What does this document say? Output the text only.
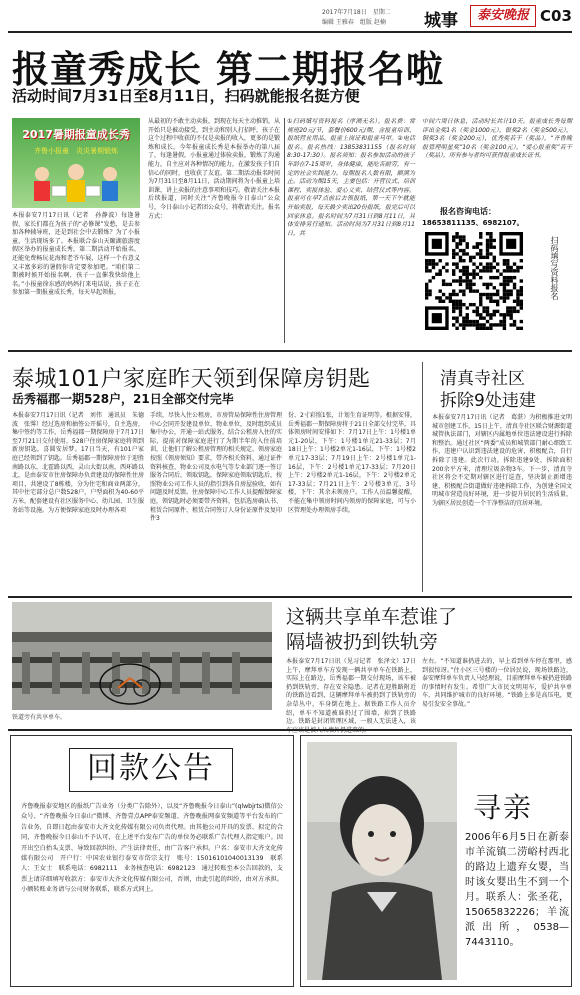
2017年7月18日　星期二
编辑 王雅春　组版 赵楠	城事	泰安晚报 C03
报童秀成长 第二期报名啦
活动时间7月31日至8月11日，扫码就能报名挺方便
2017暑期报童成长秀
齐鲁小报童　炎炎暑期锻炼
本报泰安7月17日讯（记者　孙静波）每逢暑假，家长们都在为孩子的“必修课”发愁，是去参加各种辅导班，还是到社会中去锻炼？为了小报童，生活现场多了。本报联合泰山天颐湖旅游度假区举办的报童成长秀，第二期活动开始报名，还能免费畅玩花海和老爷车展，这样一个有意义又丰富多彩的暑假你肯定要参加吧。“咱们第二期被时候开始报名啊，孩子一直催我快给他上名。”小报童徐东感的妈妈打来电话说，孩子正在参加第一期报童成长秀，每天早起领报，
从最初的不敢主动卖报，到现在每天主动推销，从开始只是被动接受，到主动和别人打招呼，孩子在这个过程中收获的不仅是卖报的收入，更多的是锻炼和成长。今年报童成长秀是本报举办的第八届了，每逢暑假，小报童通过体验卖报，锻炼了沟通能力，自主应对各种情况的能力，在激发孩子们自信心的同时，也收获了友谊。第二期活动报名时间为7月31日至8月11日，活动期间将为小报童上培训课，讲上卖报的注意事项和技巧。敬请关注本报后续报道，同时关注“齐鲁晚报今日泰山”公众号，今日泰山小记者团公众号，将敬请关注。报名方式：
①扫码填写资料报名（序测无名）。报名费：常规班20元/节，套餐价600元/期，含报童培训、报纸营业用品、报童上岗证和报童马甲。②电话报名。报名热线：13853831155（报名时间8:30-17:30）。报名须知：报名参加活动的孩子年龄在7-15周岁，身体健康，能吃苦耐劳，有一定的社会实践能力。每期报名人数有限，额满为止。活动为期15天，主要包括：开营仪式、培训课程、卖报体验、爱心义卖、结营仪式等内容。报童可在早7点前后去领报纸，第一天下午就能开始卖报，每天最少卖出20份报纸，报完后可以回家休息。报名时间为7月31日到8月11日，具体安排另行通知。活动时间为7月31日到8月11日，共
中间六周日休息，活动时长共计10天。报童成长秀每期评出金奖1名（奖金1000元），银奖2名（奖金500元），铜奖3名（奖金200元），优秀奖若干（奖品），“齐鲁晚报管理明星奖”10名（奖金100元），“爱心报童奖”若干（奖品），所有参与者均可获得报童成长证书。
报名咨询电话：
18653811135、6982107。
扫码填写资料报名
泰城101户家庭昨天领到保障房钥匙
岳秀福郡一期528户，21日全部交付完毕
本报泰安7月17日讯（记者　刘伟　通讯员　朱德波　张霁）经过选房和抽签公开摇号，自主选房，集中签约等工作，岳秀福郡一期保障房于7月17日至7月21日交付使用，528户住房保障家庭将领到新房钥匙，喜圆安居梦。17日当天，有101户家庭已经领到了钥匙。岳秀福郡一期保障房位于迎胜南路以东，北霍路以西，灵山大街以南，西环路以北，是由泰安市住房保障办负责建设的保障性住房项目，共建设了8栋楼，分为住宅和商业两部分，其中住宅部分总户数528户，户型面积为40-60平方米，配套建设有社区服务中心、幼儿园、卫生服务站等设施。为方便保障家庭及时办理各项
手续，尽快入住公租房，市房管局保障性住房管理中心会同开发建设单位、物业单位，及时组织成员集中办公，开通一站式服务，结合公租房入住的实际，提前对保障家庭进行了为期半年的入住前培训，让他们了解公租房管理的相关规定。领房家庭按照《领房须知》要求，带齐相关资料，通过证件资料核查、物业公司及水电气等专业部门逐一签订服务合同后，领取钥匙，保障家庭领取钥匙后，按照物业公司工作人员的指引到各自房屋验收，如有问题及时反馈。住房保障中心工作人员提醒保障家庭，领钥匙时必须要带齐资料，包括选房确认书、租赁合同原件、租赁合同签订人身份证原件及复印件3
份、2寸彩照1张，计划生育证明等。根据安排，岳秀福郡一期保障房将于21日全部交付完毕，具体领房时间安排如下：7月17日上午：1号楼1单元1-20层，下午：1号楼1单元21-33层；7月18日上午：1号楼2单元1-16层，下午：1号楼2单元17-33层；7月19日上午：2号楼1单元1-16层，下午：2号楼1单元17-33层；7月20日上午：2号楼2单元1-16层，下午：2号楼2单元17-33层；7月21日上午：2号楼3单元、3号楼，下午：其余未领房户。工作人员温馨提醒，不能在集中领房时间内领房的保障家庭，可与小区管理处办理领房手续。
清真寺社区
拆除9处违建
本报泰安7月17日讯（记者　葛湛）为积极推进文明城市创建工作，15日上午，清真寺社区联合财源街道城管执法部门，对辖区内属地单位违法建设进行拆除和整治。通过社区“两委”成员和城管部门耐心细致工作，违建户认识到违法建设的危害，积极配合，自行拆除了违建。此次行动，拆除违建9处，拆除面积200余平方米，清理垃圾杂物3车。下一步，清真寺社区将会不定期对辖区进行巡查，坚决制止新增违建，积极配合街道做好违建拆除工作，为创建全国文明城市营造良好环境，进一步提升居民的生活质量，为辖区居民创造一个干净整洁的宜居环境。
铁道旁有共享单车。
这辆共享单车惹谁了
隔墙被扔到铁轨旁
本报泰安7月17日讯（见习记者　张泽文）17日上午，摩拜单车方发现一辆共享单车在铁路上，实际上在路边，岳秀福郡一期交付现场，该车被扔到铁轨旁，存在安全隐患。记者在迎胜路附近的铁路边看到，这辆摩拜单车被扔到了铁轨旁的杂草丛中，车身倒在地上。据铁路工作人员介绍，单车不知道被谁扔过了围墙，掉到了铁路边。铁路是封闭管理区域，一般人无法进入，该
左右。“不知道谁扔进去的，早上看到单车停在那里，感到很惊讶。”住小区三号楼的一位居民说，现场铁路边，泰安摩拜单车负责人马经理说，目前摩拜单车被扔进铁路的事情时有发生。希望广大市民文明用车，爱护共享单车，共同维护城市的良好环境。“铁路上多是高压电，更易引发安全事故。”
回款公告
齐鲁晚报泰安地区的报纸广告业务（分类广告除外），以及“齐鲁晚报今日泰山”(qlwbjrts)微信公众号、“齐鲁晚报今日泰山”微博、齐鲁壹点APP泰安频道、齐鲁晚报网泰安频道等平台发布的广告业务，自即日起由泰安市大齐文化传媒有限公司负责代理。由其他公司开具的发票、拟定的合同，齐鲁晚报今日泰山不予认可，在上述平台发布广告的单位务必联系广告代理人指定账户。因开出空白抬头支票、导致回款纠纷、产生法律责任，由广告客户承担。户名：泰安市大齐文化传媒有限公司　开户行：中国农业银行泰安市岱宗支行　账号：15016101040013139　联系人：王女士　联系电话：6982111　业务核查电话：6982123　通过转账至本公告回款的，支票上请详细填写收款方：泰安市大齐文化传媒有限公司，否则，由此引起的纠纷，由对方承担。小额转账业务请与公司财务联系，联系方式同上。
寻亲
2006年6月5日在新泰市羊流镇二涝峪村西北的路边上遗弃女婴，当时该女婴出生不到一个月。联系人：张圣花，15065832226；羊流派出所，0538—7443110。
